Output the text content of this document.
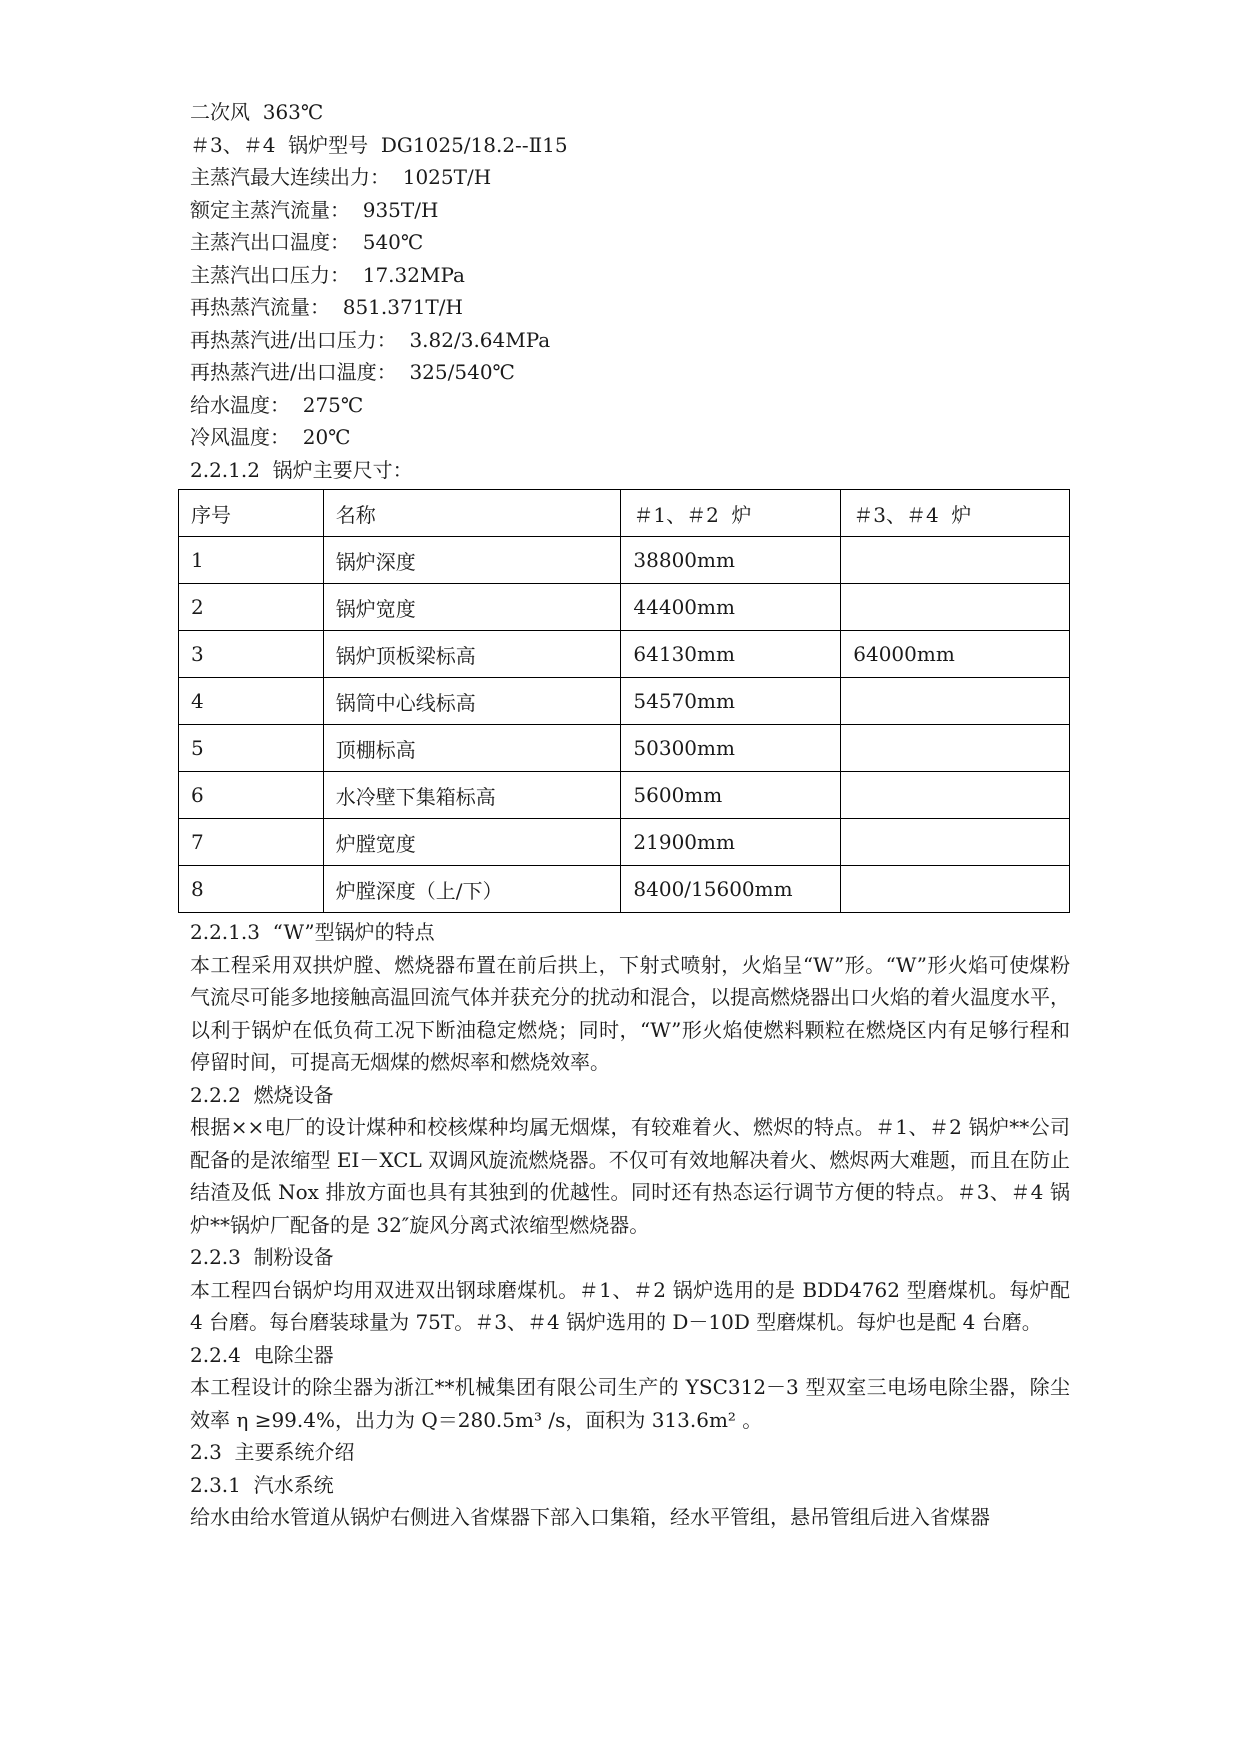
二次风  363℃
＃3、＃4  锅炉型号  DG1025/18.2--Ⅱ15
主蒸汽最大连续出力：  1025T/H
额定主蒸汽流量：  935T/H
主蒸汽出口温度：  540℃
主蒸汽出口压力：  17.32MPa
再热蒸汽流量：  851.371T/H
再热蒸汽进/出口压力：  3.82/3.64MPa
再热蒸汽进/出口温度：  325/540℃
给水温度：  275℃
冷风温度：  20℃
2.2.1.2  锅炉主要尺寸：
序号	名称	＃1、＃2  炉	＃3、＃4  炉
1	锅炉深度	38800mm	
2	锅炉宽度	44400mm	
3	锅炉顶板梁标高	64130mm	64000mm
4	锅筒中心线标高	54570mm	
5	顶棚标高	50300mm	
6	水冷壁下集箱标高	5600mm	
7	炉膛宽度	21900mm	
8	炉膛深度（上/下）	8400/15600mm	
2.2.1.3  “W”型锅炉的特点

本工程采用双拱炉膛、燃烧器布置在前后拱上，下射式喷射，火焰呈“W”形。“W”形火焰可使煤粉气流尽可能多地接触高温回流气体并获充分的扰动和混合，以提高燃烧器出口火焰的着火温度水平，以利于锅炉在低负荷工况下断油稳定燃烧；同时，“W”形火焰使燃料颗粒在燃烧区内有足够行程和停留时间，可提高无烟煤的燃烬率和燃烧效率。

2.2.2  燃烧设备

根据××电厂的设计煤种和校核煤种均属无烟煤，有较难着火、燃烬的特点。＃1、＃2 锅炉**公司配备的是浓缩型 EI－XCL 双调风旋流燃烧器。不仅可有效地解决着火、燃烬两大难题，而且在防止结渣及低 Nox 排放方面也具有其独到的优越性。同时还有热态运行调节方便的特点。＃3、＃4 锅炉**锅炉厂配备的是 32″旋风分离式浓缩型燃烧器。

2.2.3  制粉设备

本工程四台锅炉均用双进双出钢球磨煤机。＃1、＃2 锅炉选用的是 BDD4762 型磨煤机。每炉配 4 台磨。每台磨装球量为 75T。＃3、＃4 锅炉选用的 D－10D 型磨煤机。每炉也是配 4 台磨。

2.2.4  电除尘器

本工程设计的除尘器为浙江**机械集团有限公司生产的 YSC312－3 型双室三电场电除尘器，除尘效率 η ≥99.4%，出力为 Q＝280.5m³ /s，面积为 313.6m² 。

2.3  主要系统介绍
2.3.1  汽水系统

给水由给水管道从锅炉右侧进入省煤器下部入口集箱，经水平管组，悬吊管组后进入省煤器
